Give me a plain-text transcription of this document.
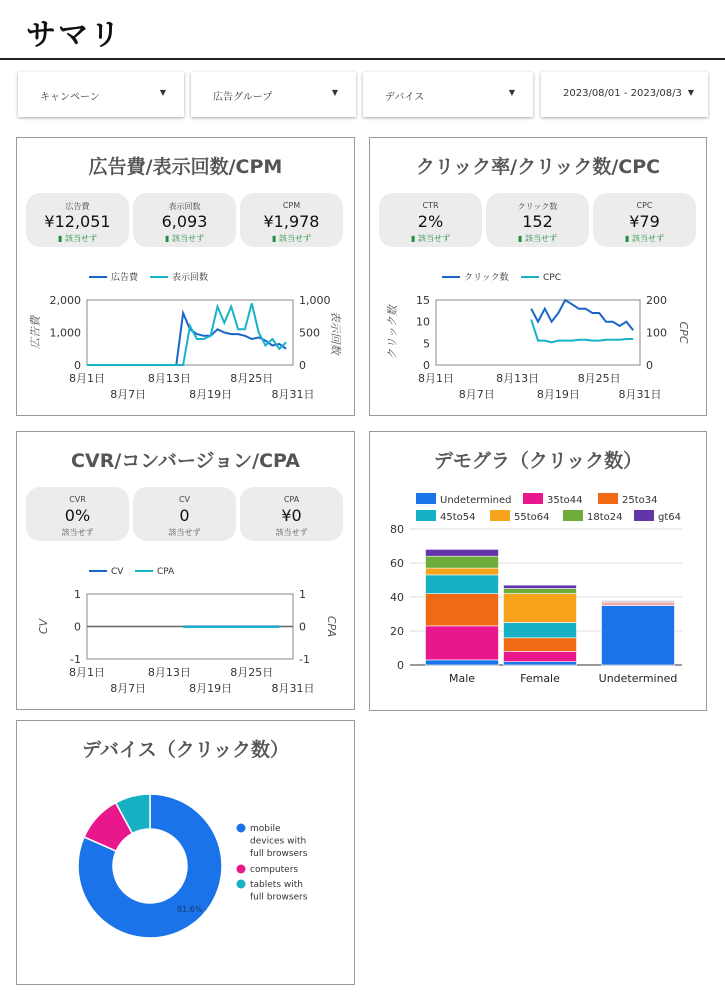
サマリ
キャンペーン	▼	広告グループ	▼	デバイス	▼	2023/08/01 - 2023/08/3 ▼
広告費/表示回数/CPM
広告費
¥12,051
▮ 該当せず
表示回数
6,093
▮ 該当せず
CPM
¥1,978
▮ 該当せず
広告費	表示回数
2,000
1,000
0
1,000
500
0
広告費	表示回数
8月1日	8月13日	8月25日
8月7日	8月19日	8月31日
クリック率/クリック数/CPC
CTR
2%
▮ 該当せず
クリック数
152
▮ 該当せず
CPC
¥79
▮ 該当せず
クリック数	CPC
15
10
5
0
200
100
0
クリック数	CPC
8月1日	8月13日	8月25日
8月7日	8月19日	8月31日
CVR/コンバージョン/CPA
CVR
0%
該当せず
CV
0
該当せず
CPA
¥0
該当せず
CV	CPA
1
0
-1
1
0
-1
CV	CPA
8月1日	8月13日	8月25日
8月7日	8月19日	8月31日
デモグラ（クリック数）
Undetermined	35to44	25to34
45to54	55to64	18to24	gt64
80
60
40
20
0
Male	Female	Undetermined
デバイス（クリック数）
81.6%
mobile
devices with
full browsers
computers
tablets with
full browsers
